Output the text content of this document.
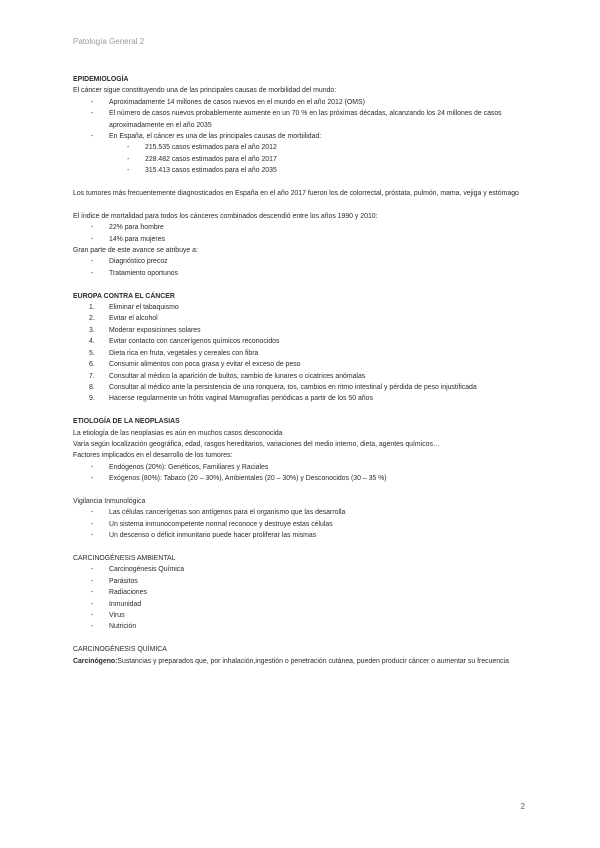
Patología General 2

EPIDEMIOLOGÍA

El cáncer sigue constituyendo una de las principales causas de morbilidad del mundo:

- Aproximadamente 14 millones de casos nuevos en el mundo en el año 2012 (OMS)
- El número de casos nuevos probablemente aumente en un 70 % en las próximas décadas, alcanzando los 24 millones de casos aproximadamente en el año 2035
- En España, el cáncer es una de las principales causas de morbilidad:
- 215.535 casos estimados para el año 2012
- 228.482 casos estimados para el año 2017
- 315.413 casos estimados para el año 2035

Los tumores más frecuentemente diagnosticados en España en el año 2017 fueron los de colorrectal, próstata, pulmón, mama, vejiga y estómago

El índice de mortalidad para todos los cánceres combinados descendió entre los años 1990 y 2010:

- 22% para hombre
- 14% para mujeres

Gran parte de este avance se atribuye a:

- Diagnóstico precoz
- Tratamiento oportunos

EUROPA CONTRA EL CÁNCER

1. Eliminar el tabaquismo
2. Evitar el alcohol
3. Moderar exposiciones solares
4. Evitar contacto con cancerígenos químicos reconocidos
5. Dieta rica en fruta, vegetales y cereales con fibra
6. Consumir alimentos con poca grasa y evitar el exceso de peso
7. Consultar al médico la aparición de bultos, cambio de lunares o cicatrices anómalas
8. Consultar al médico ante la persistencia de una ronquera, tos, cambios en ritmo intestinal y pérdida de peso injustificada
9. Hacerse regularmente un frótis vaginal Mamografías periódicas a partir de los 50 años

ETIOLOGÍA DE LA NEOPLASIAS

La etiología de las neoplasias es aún en muchos casos desconocida

Varía según localización geográfica, edad, rasgos hereditarios, variaciones del medio interno, dieta, agentes químicos…

Factores implicados en el desarrollo de los tumores:

- Endógenos (20%): Genéticos, Familiares y Raciales
- Exógenos (80%): Tabaco (20 – 30%), Ambientales (20 – 30%) y Desconocidos (30 – 35 %)

Vigilancia Inmunológica

- Las células cancerígenas son antígenos para el organismo que las desarrolla
- Un sistema inmunocompetente normal reconoce y destruye estas células
- Un descenso o déficit inmunitario puede hacer proliferar las mismas

CARCINOGÉNESIS AMBIENTAL

- Carcinogénesis Química
- Parásitos
- Radiaciones
- Inmunidad
- Virus
- Nutrición

CARCINOGÉNESIS QUÍMICA

Carcinógeno:Sustancias y preparados que, por inhalación,ingestión o penetración cutánea, pueden producir cáncer o aumentar su frecuencia

2
